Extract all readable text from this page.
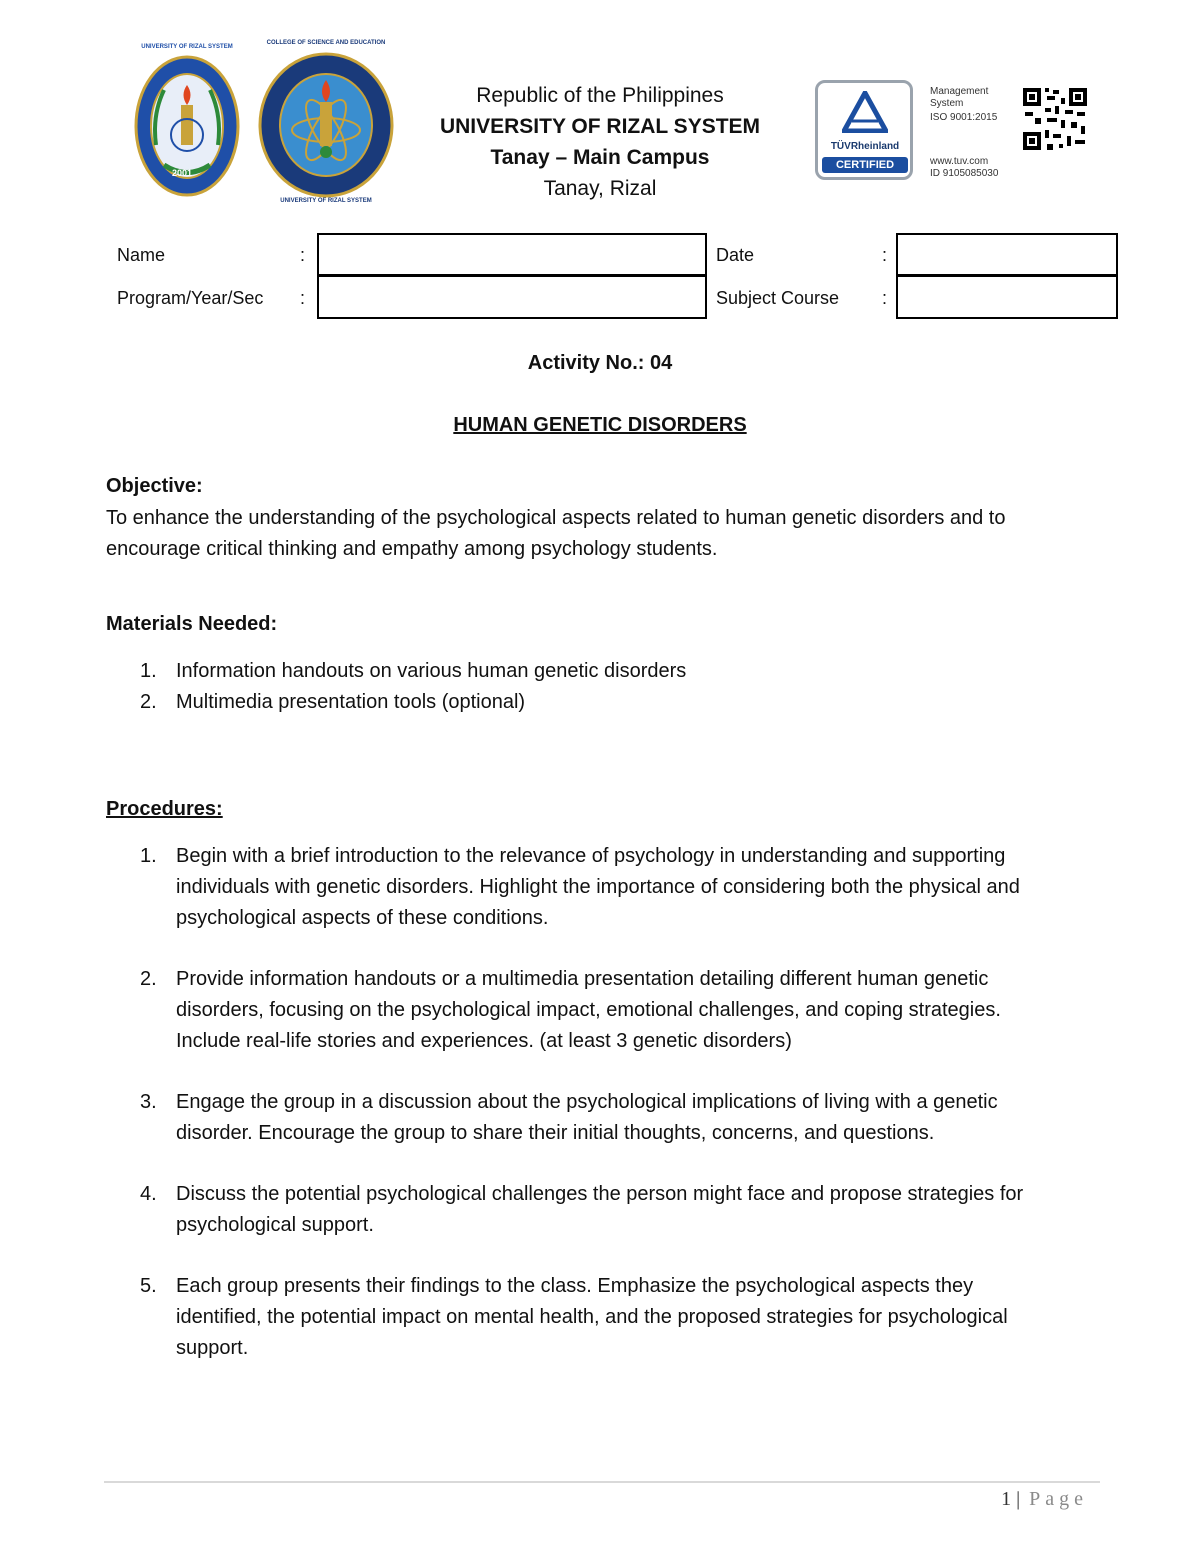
2001
UNIVERSITY OF RIZAL SYSTEM
COLLEGE OF SCIENCE AND EDUCATION
UNIVERSITY OF RIZAL SYSTEM
Republic of the Philippines
UNIVERSITY OF RIZAL SYSTEM
Tanay – Main Campus
Tanay, Rizal
TÜVRheinland
CERTIFIED
Management
System
ISO 9001:2015
www.tuv.com
ID 9105085030
Name	:
Program/Year/Sec :
Date	:
Subject Course :
Activity No.: 04
HUMAN GENETIC DISORDERS
Objective:
To enhance the understanding of the psychological aspects related to human genetic disorders and to
encourage critical thinking and empathy among psychology students.
Materials Needed:
1. Information handouts on various human genetic disorders
2. Multimedia presentation tools (optional)
Procedures:
1. Begin with a brief introduction to the relevance of psychology in understanding and supporting
individuals with genetic disorders. Highlight the importance of considering both the physical and
psychological aspects of these conditions.
2. Provide information handouts or a multimedia presentation detailing different human genetic
disorders, focusing on the psychological impact, emotional challenges, and coping strategies.
Include real-life stories and experiences. (at least 3 genetic disorders)
3. Engage the group in a discussion about the psychological implications of living with a genetic
disorder. Encourage the group to share their initial thoughts, concerns, and questions.
4. Discuss the potential psychological challenges the person might face and propose strategies for
psychological support.
5. Each group presents their findings to the class. Emphasize the psychological aspects they
identified, the potential impact on mental health, and the proposed strategies for psychological
support.
1 | Page
